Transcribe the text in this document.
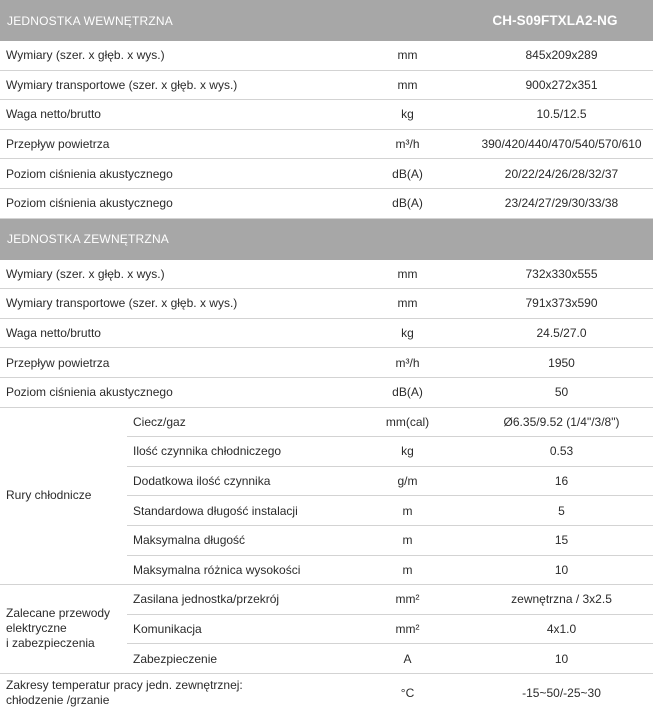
JEDNOSTKA WEWNĘTRZNA			CH-S09FTXLA2-NG
Wymiary (szer. x głęb. x wys.)		mm	845x209x289
Wymiary transportowe (szer. x głęb. x wys.)		mm	900x272x351
Waga netto/brutto		kg	10.5/12.5
Przepływ powietrza		m³/h	390/420/440/470/540/570/610
Poziom ciśnienia akustycznego		dB(A)	20/22/24/26/28/32/37
Poziom ciśnienia akustycznego		dB(A)	23/24/27/29/30/33/38
JEDNOSTKA ZEWNĘTRZNA			
Wymiary (szer. x głęb. x wys.)		mm	732x330x555
Wymiary transportowe (szer. x głęb. x wys.)		mm	791x373x590
Waga netto/brutto		kg	24.5/27.0
Przepływ powietrza		m³/h	1950
Poziom ciśnienia akustycznego		dB(A)	50
Rury chłodnicze	Ciecz/gaz	mm(cal)	Ø6.35/9.52 (1/4"/3/8")
	Ilość czynnika chłodniczego	kg	0.53
	Dodatkowa ilość czynnika	g/m	16
	Standardowa długość instalacji	m	5
	Maksymalna długość	m	15
	Maksymalna różnica wysokości	m	10

Zalecane przewody
elektryczne
i zabezpieczenia	Zasilana jednostka/przekrój	mm²	zewnętrzna / 3x2.5
	Komunikacja	mm²	4x1.0
	Zabezpieczenie	A	10

Zakresy temperatur pracy jedn. zewnętrznej:
chłodzenie /grzanie		°C	-15~50/-25~30
